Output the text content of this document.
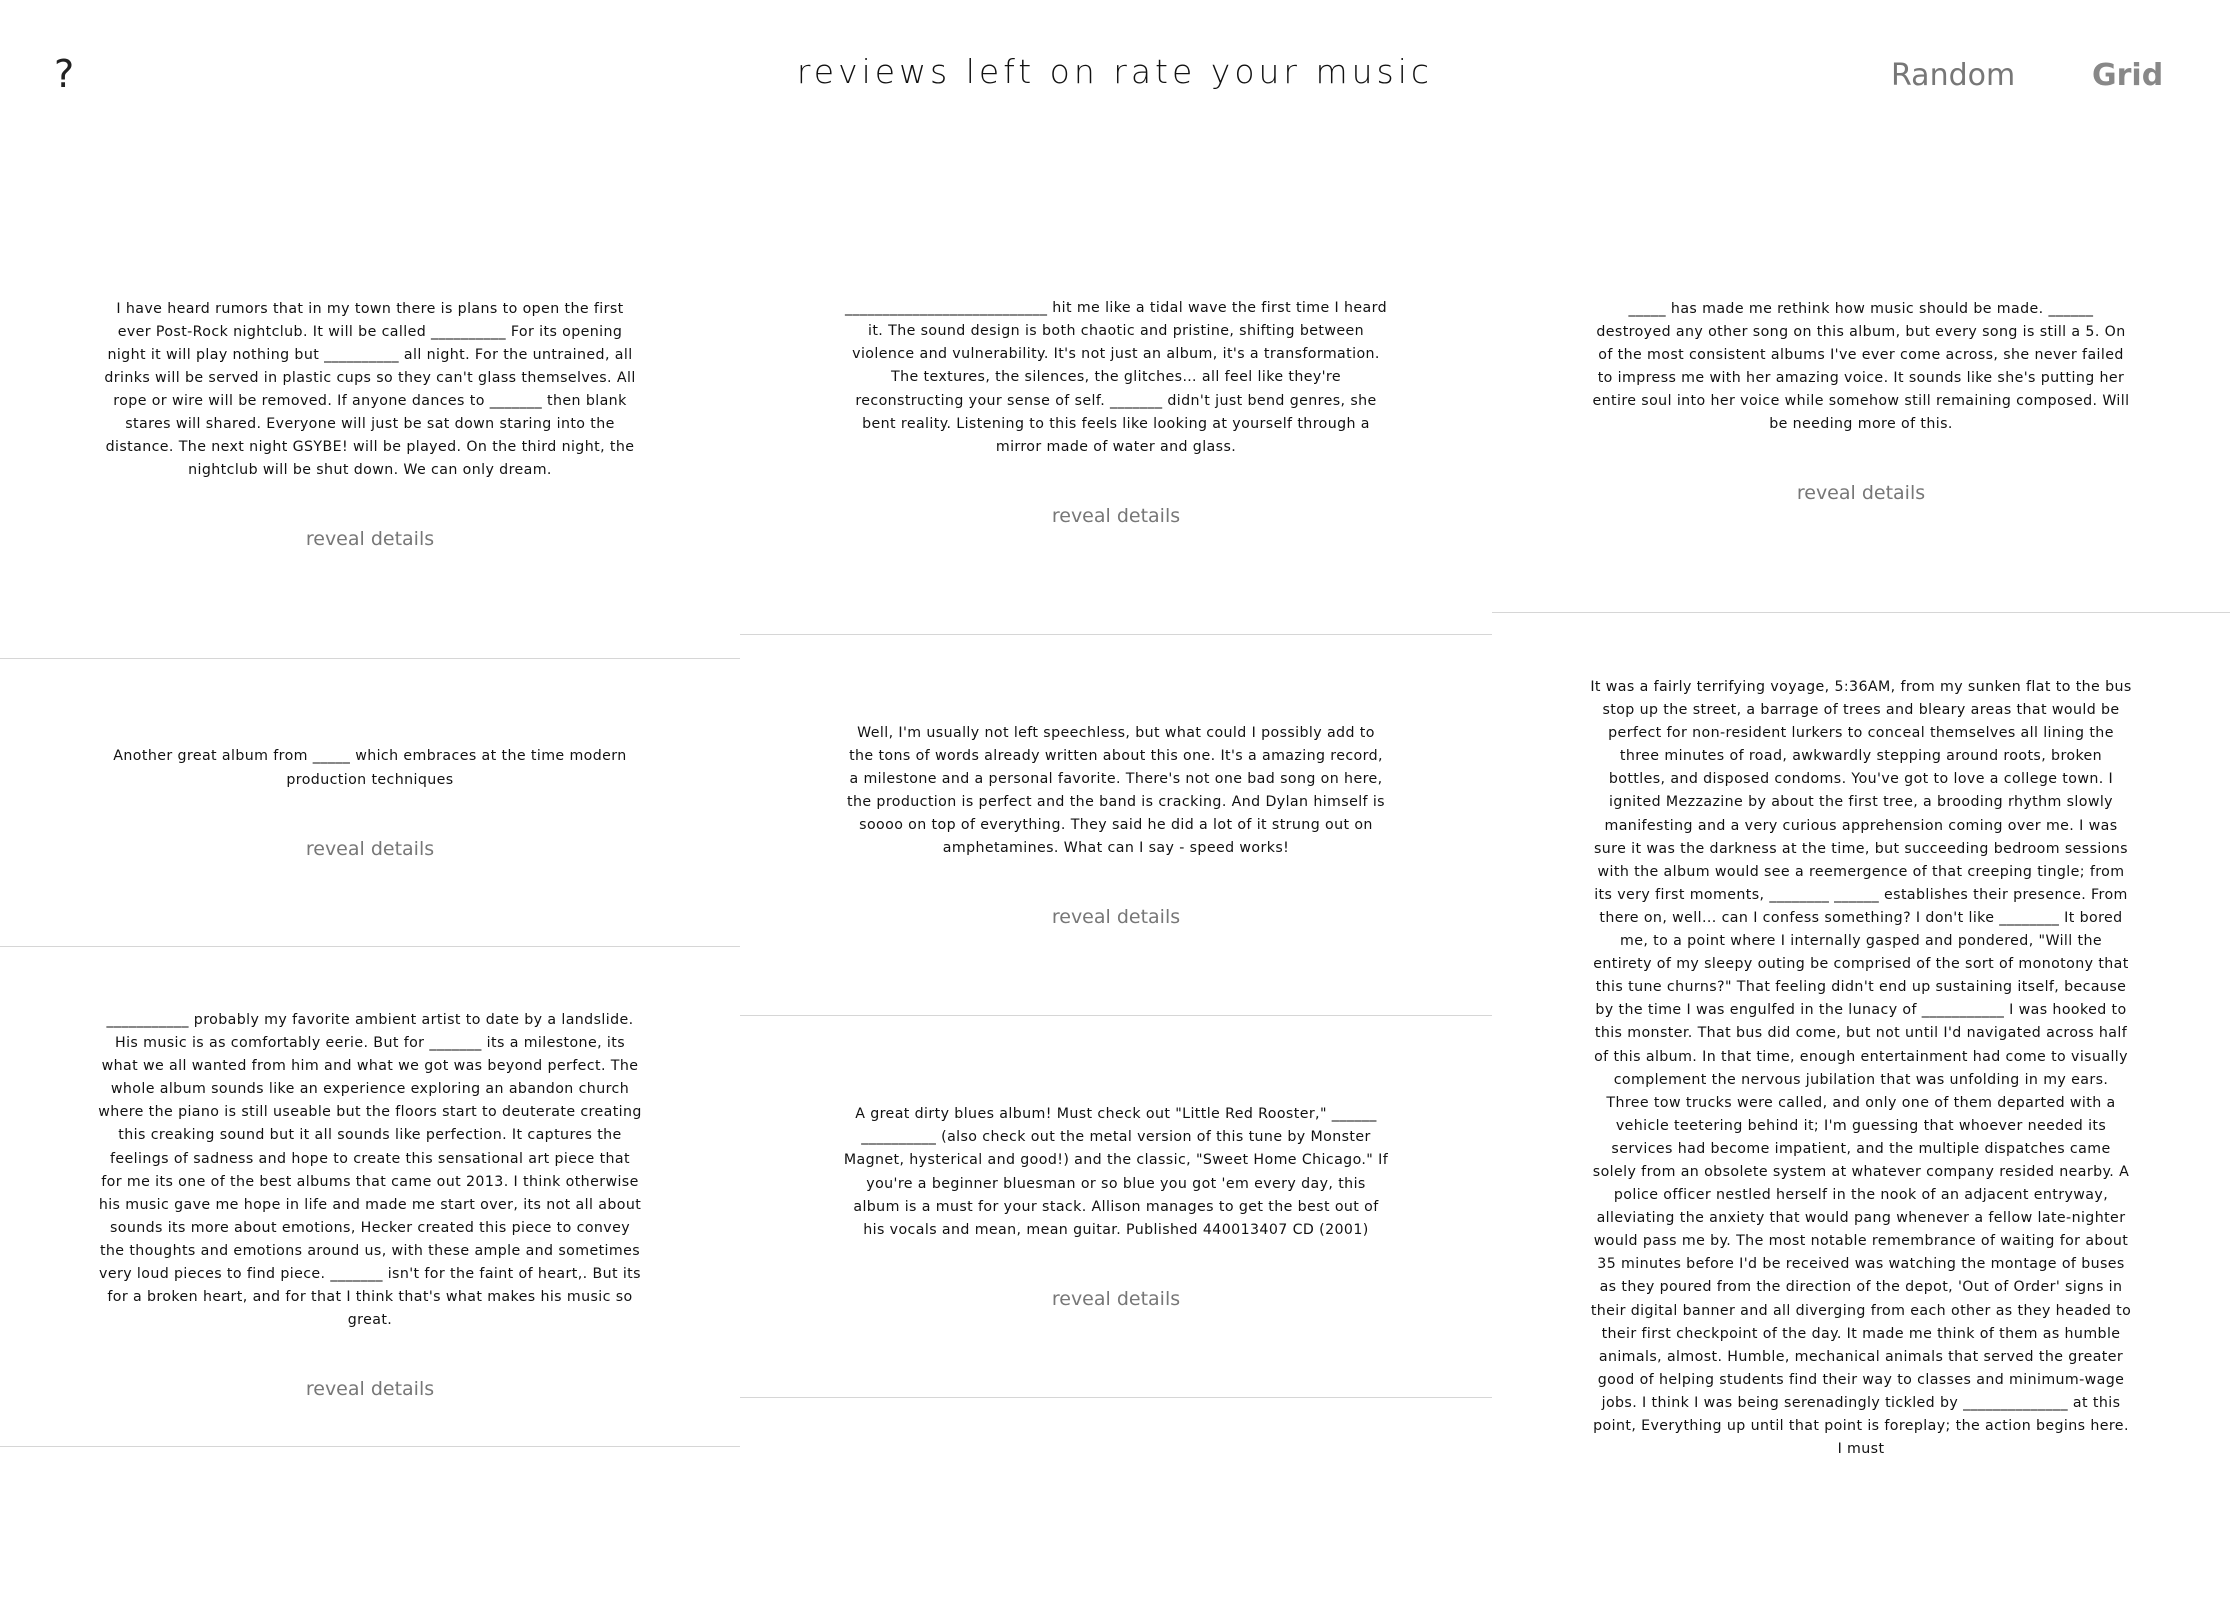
?	reviews left on rate your music	Random	Grid

I have heard rumors that in my town there is plans to open the first ever Post-Rock nightclub. It will be called __________ For its opening night it will play nothing but __________ all night. For the untrained, all drinks will be served in plastic cups so they can't glass themselves. All rope or wire will be removed. If anyone dances to _______ then blank stares will shared. Everyone will just be sat down staring into the distance. The next night GSYBE! will be played. On the third night, the nightclub will be shut down. We can only dream.

reveal details

Another great album from _____ which embraces at the time modern production techniques

reveal details

___________ probably my favorite ambient artist to date by a landslide. His music is as comfortably eerie. But for _______ its a milestone, its what we all wanted from him and what we got was beyond perfect. The whole album sounds like an experience exploring an abandon church where the piano is still useable but the floors start to deuterate creating this creaking sound but it all sounds like perfection. It captures the feelings of sadness and hope to create this sensational art piece that for me its one of the best albums that came out 2013. I think otherwise his music gave me hope in life and made me start over, its not all about sounds its more about emotions, Hecker created this piece to convey the thoughts and emotions around us, with these ample and sometimes very loud pieces to find piece. _______ isn't for the faint of heart,. But its for a broken heart, and for that I think that's what makes his music so great.

reveal details

___________________________ hit me like a tidal wave the first time I heard it. The sound design is both chaotic and pristine, shifting between violence and vulnerability. It's not just an album, it's a transformation. The textures, the silences, the glitches… all feel like they're reconstructing your sense of self. _______ didn't just bend genres, she bent reality. Listening to this feels like looking at yourself through a mirror made of water and glass.

reveal details

Well, I'm usually not left speechless, but what could I possibly add to the tons of words already written about this one. It's a amazing record, a milestone and a personal favorite. There's not one bad song on here, the production is perfect and the band is cracking. And Dylan himself is soooo on top of everything. They said he did a lot of it strung out on amphetamines. What can I say - speed works!

reveal details

A great dirty blues album! Must check out "Little Red Rooster," ______ __________ (also check out the metal version of this tune by Monster Magnet, hysterical and good!) and the classic, "Sweet Home Chicago." If you're a beginner bluesman or so blue you got 'em every day, this album is a must for your stack. Allison manages to get the best out of his vocals and mean, mean guitar. Published 440013407 CD (2001)

reveal details

_____ has made me rethink how music should be made. ______ destroyed any other song on this album, but every song is still a 5. On of the most consistent albums I've ever come across, she never failed to impress me with her amazing voice. It sounds like she's putting her entire soul into her voice while somehow still remaining composed. Will be needing more of this.

reveal details

It was a fairly terrifying voyage, 5:36AM, from my sunken flat to the bus stop up the street, a barrage of trees and bleary areas that would be perfect for non-resident lurkers to conceal themselves all lining the three minutes of road, awkwardly stepping around roots, broken bottles, and disposed condoms. You've got to love a college town. I ignited Mezzazine by about the first tree, a brooding rhythm slowly manifesting and a very curious apprehension coming over me. I was sure it was the darkness at the time, but succeeding bedroom sessions with the album would see a reemergence of that creeping tingle; from its very first moments, ________ ______ establishes their presence. From there on, well... can I confess something? I don't like ________ It bored me, to a point where I internally gasped and pondered, "Will the entirety of my sleepy outing be comprised of the sort of monotony that this tune churns?" That feeling didn't end up sustaining itself, because by the time I was engulfed in the lunacy of ___________ I was hooked to this monster. That bus did come, but not until I'd navigated across half of this album. In that time, enough entertainment had come to visually complement the nervous jubilation that was unfolding in my ears. Three tow trucks were called, and only one of them departed with a vehicle teetering behind it; I'm guessing that whoever needed its services had become impatient, and the multiple dispatches came solely from an obsolete system at whatever company resided nearby. A police officer nestled herself in the nook of an adjacent entryway, alleviating the anxiety that would pang whenever a fellow late-nighter would pass me by. The most notable remembrance of waiting for about 35 minutes before I'd be received was watching the montage of buses as they poured from the direction of the depot, 'Out of Order' signs in their digital banner and all diverging from each other as they headed to their first checkpoint of the day. It made me think of them as humble animals, almost. Humble, mechanical animals that served the greater good of helping students find their way to classes and minimum-wage jobs. I think I was being serenadingly tickled by ______________ at this point, Everything up until that point is foreplay; the action begins here. I must
